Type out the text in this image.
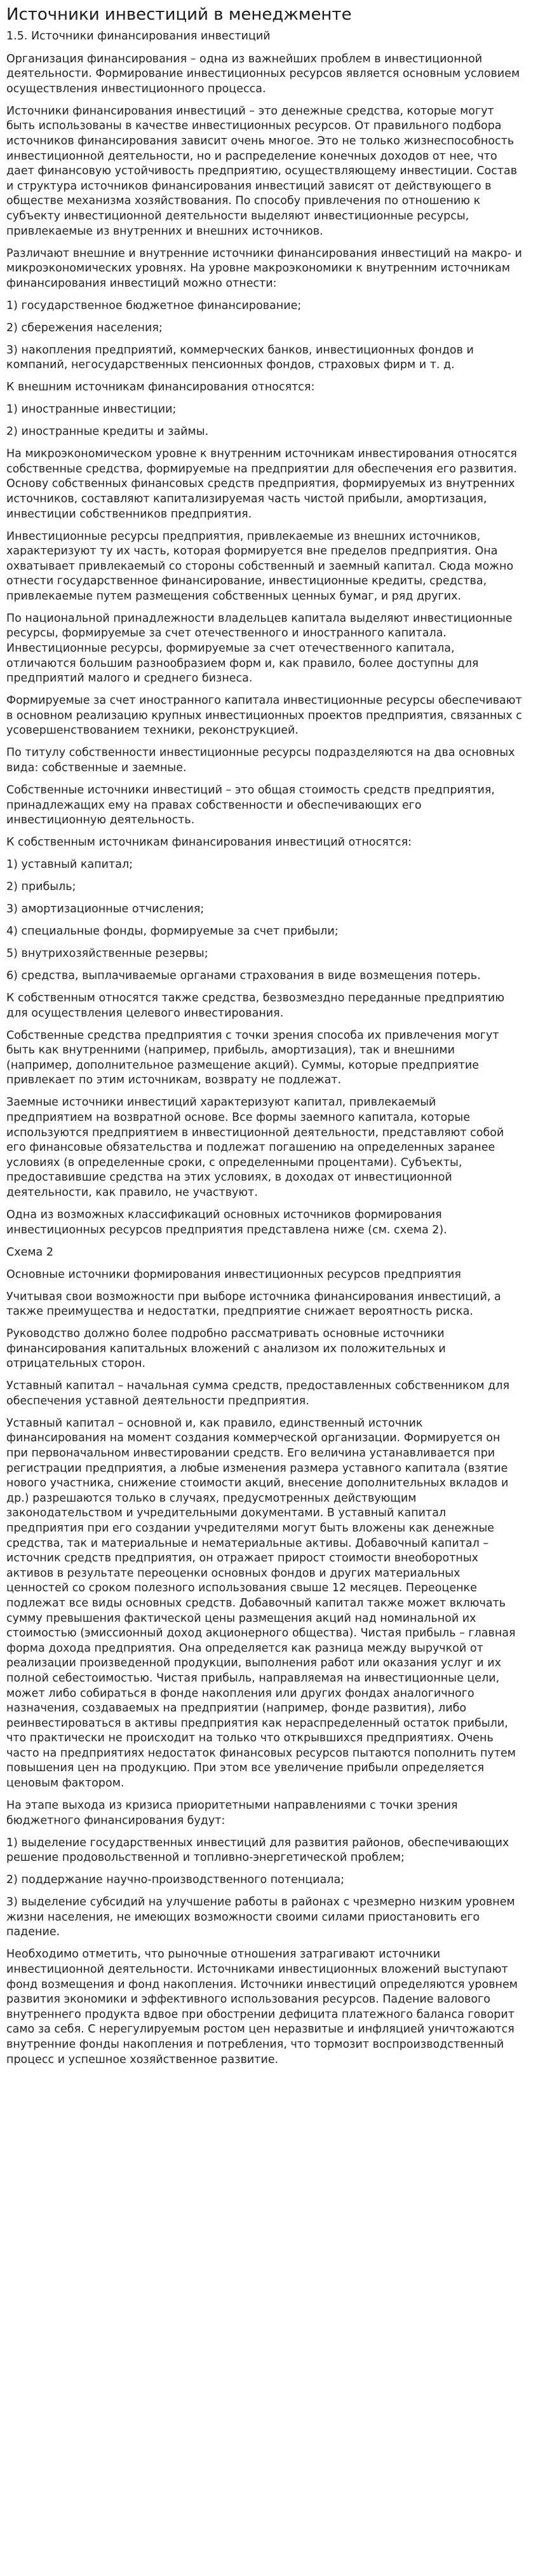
Источники инвестиций в менеджменте
1.5. Источники финансирования инвестиций

Организация финансирования – одна из важнейших проблем в инвестиционной деятельности. Формирование инвестиционных ресурсов является основным условием осуществления инвестиционного процесса.

Источники финансирования инвестиций – это денежные средства, которые могут быть использованы в качестве инвестиционных ресурсов. От правильного подбора источников финансирования зависит очень многое. Это не только жизнеспособность инвестиционной деятельности, но и распределение конечных доходов от нее, что дает финансовую устойчивость предприятию, осуществляющему инвестиции. Состав и структура источников финансирования инвестиций зависят от действующего в обществе механизма хозяйствования. По способу привлечения по отношению к субъекту инвестиционной деятельности выделяют инвестиционные ресурсы, привлекаемые из внутренних и внешних источников.

Различают внешние и внутренние источники финансирования инвестиций на макро- и микроэкономических уровнях. На уровне макроэкономики к внутренним источникам финансирования инвестиций можно отнести:

1) государственное бюджетное финансирование;

2) сбережения населения;

3) накопления предприятий, коммерческих банков, инвестиционных фондов и компаний, негосударственных пенсионных фондов, страховых фирм и т. д.

К внешним источникам финансирования относятся:

1) иностранные инвестиции;

2) иностранные кредиты и займы.

На микроэкономическом уровне к внутренним источникам инвестирования относятся собственные средства, формируемые на предприятии для обеспечения его развития. Основу собственных финансовых средств предприятия, формируемых из внутренних источников, составляют капитализируемая часть чистой прибыли, амортизация, инвестиции собственников предприятия.

Инвестиционные ресурсы предприятия, привлекаемые из внешних источников, характеризуют ту их часть, которая формируется вне пределов предприятия. Она охватывает привлекаемый со стороны собственный и заемный капитал. Сюда можно отнести государственное финансирование, инвестиционные кредиты, средства, привлекаемые путем размещения собственных ценных бумаг, и ряд других.

По национальной принадлежности владельцев капитала выделяют инвестиционные ресурсы, формируемые за счет отечественного и иностранного капитала. Инвестиционные ресурсы, формируемые за счет отечественного капитала, отличаются большим разнообразием форм и, как правило, более доступны для предприятий малого и среднего бизнеса.

Формируемые за счет иностранного капитала инвестиционные ресурсы обеспечивают в основном реализацию крупных инвестиционных проектов предприятия, связанных с усовершенствованием техники, реконструкцией.

По титулу собственности инвестиционные ресурсы подразделяются на два основных вида: собственные и заемные.

Собственные источники инвестиций – это общая стоимость средств предприятия, принадлежащих ему на правах собственности и обеспечивающих его инвестиционную деятельность.

К собственным источникам финансирования инвестиций относятся:

1) уставный капитал;

2) прибыль;

3) амортизационные отчисления;

4) специальные фонды, формируемые за счет прибыли;

5) внутрихозяйственные резервы;

6) средства, выплачиваемые органами страхования в виде возмещения потерь.

К собственным относятся также средства, безвозмездно переданные предприятию для осуществления целевого инвестирования.

Собственные средства предприятия с точки зрения способа их привлечения могут быть как внутренними (например, прибыль, амортизация), так и внешними (например, дополнительное размещение акций). Суммы, которые предприятие привлекает по этим источникам, возврату не подлежат.

Заемные источники инвестиций характеризуют капитал, привлекаемый предприятием на возвратной основе. Все формы заемного капитала, которые используются предприятием в инвестиционной деятельности, представляют собой его финансовые обязательства и подлежат погашению на определенных заранее условиях (в определенные сроки, с определенными процентами). Субъекты, предоставившие средства на этих условиях, в доходах от инвестиционной деятельности, как правило, не участвуют.

Одна из возможных классификаций основных источников формирования инвестиционных ресурсов предприятия представлена ниже (см. схема 2).

Схема 2

Основные источники формирования инвестиционных ресурсов предприятия

Учитывая свои возможности при выборе источника финансирования инвестиций, а также преимущества и недостатки, предприятие снижает вероятность риска.

Руководство должно более подробно рассматривать основные источники финансирования капитальных вложений с анализом их положительных и отрицательных сторон.

Уставный капитал – начальная сумма средств, предоставленных собственником для обеспечения уставной деятельности предприятия.

Уставный капитал – основной и, как правило, единственный источник финансирования на момент создания коммерческой организации. Формируется он при первоначальном инвестировании средств. Его величина устанавливается при регистрации предприятия, а любые изменения размера уставного капитала (взятие нового участника, снижение стоимости акций, внесение дополнительных вкладов и др.) разрешаются только в случаях, предусмотренных действующим законодательством и учредительными документами. В уставный капитал предприятия при его создании учредителями могут быть вложены как денежные средства, так и материальные и нематериальные активы. Добавочный капитал – источник средств предприятия, он отражает прирост стоимости внеоборотных активов в результате переоценки основных фондов и других материальных ценностей со сроком полезного использования свыше 12 месяцев. Переоценке подлежат все виды основных средств. Добавочный капитал также может включать сумму превышения фактической цены размещения акций над номинальной их стоимостью (эмиссионный доход акционерного общества). Чистая прибыль – главная форма дохода предприятия. Она определяется как разница между выручкой от реализации произведенной продукции, выполнения работ или оказания услуг и их полной себестоимостью. Чистая прибыль, направляемая на инвестиционные цели, может либо собираться в фонде накопления или других фондах аналогичного назначения, создаваемых на предприятии (например, фонде развития), либо реинвестироваться в активы предприятия как нераспределенный остаток прибыли, что практически не происходит на только что открывшихся предприятиях. Очень часто на предприятиях недостаток финансовых ресурсов пытаются пополнить путем повышения цен на продукцию. При этом все увеличение прибыли определяется ценовым фактором.

На этапе выхода из кризиса приоритетными направлениями с точки зрения бюджетного финансирования будут:

1) выделение государственных инвестиций для развития районов, обеспечивающих решение продовольственной и топливно-энергетической проблем;

2) поддержание научно-производственного потенциала;

3) выделение субсидий на улучшение работы в районах с чрезмерно низким уровнем жизни населения, не имеющих возможности своими силами приостановить его падение.

Необходимо отметить, что рыночные отношения затрагивают источники инвестиционной деятельности. Источниками инвестиционных вложений выступают фонд возмещения и фонд накопления. Источники инвестиций определяются уровнем развития экономики и эффективного использования ресурсов. Падение валового внутреннего продукта вдвое при обострении дефицита платежного баланса говорит само за себя. С нерегулируемым ростом цен неразвитые и инфляцией уничтожаются внутренние фонды накопления и потребления, что тормозит воспроизводственный процесс и успешное хозяйственное развитие.
